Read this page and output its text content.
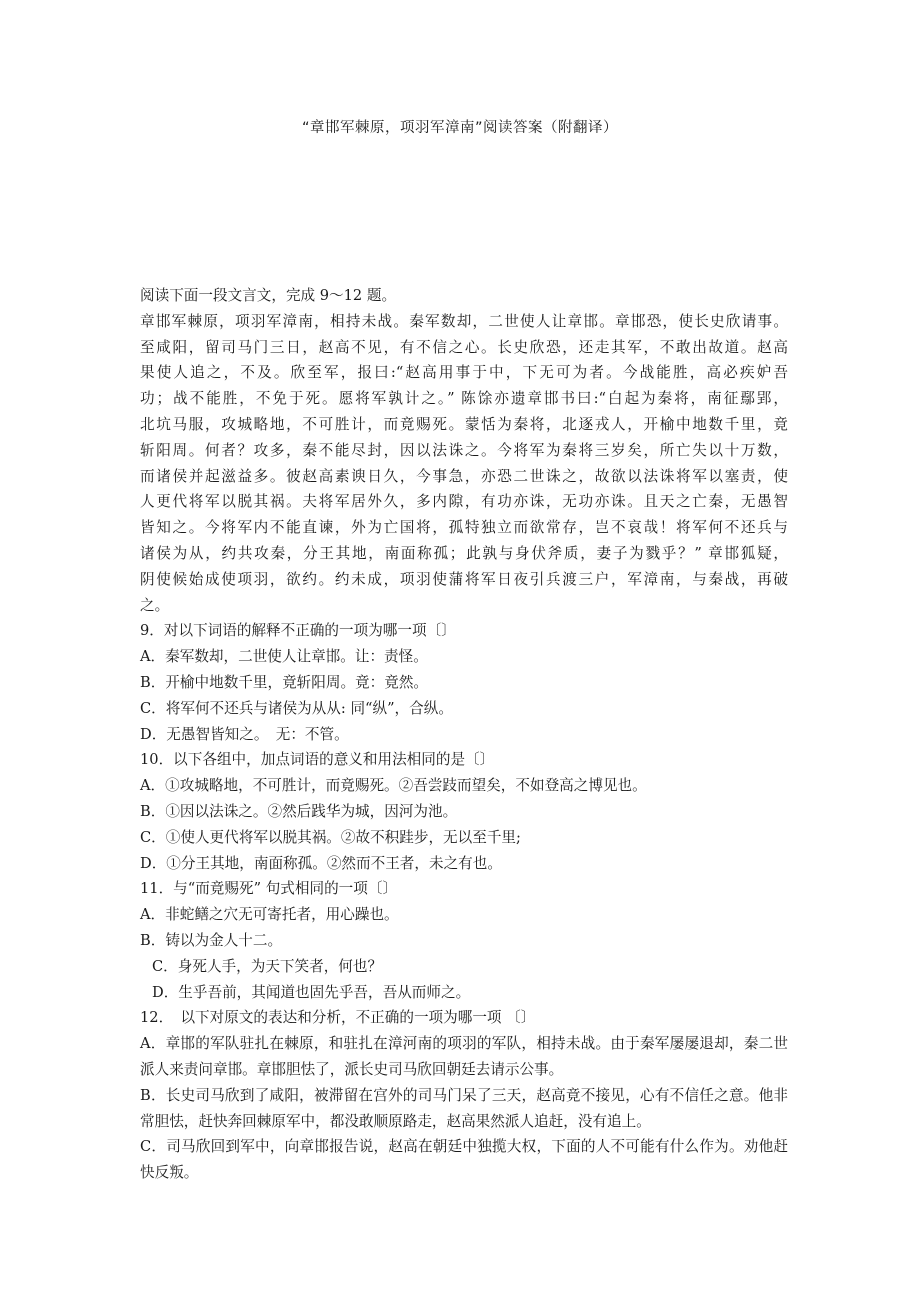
“章邯军棘原，项羽军漳南”阅读答案（附翻译）
阅读下面一段文言文，完成 9～12 题。
章邯军棘原，项羽军漳南，相持未战。秦军数却，二世使人让章邯。章邯恐，使长史欣请事。
至咸阳，留司马门三日，赵高不见，有不信之心。长史欣恐，还走其军，不敢出故道。赵高
果使人追之，不及。欣至军，报曰:“赵高用事于中，下无可为者。今战能胜，高必疾妒吾
功；战不能胜，不免于死。愿将军孰计之。” 陈馀亦遗章邯书曰:“白起为秦将，南征鄢郢，
北坑马服，攻城略地，不可胜计，而竟赐死。蒙恬为秦将，北逐戎人，开榆中地数千里，竟
斩阳周。何者？攻多，秦不能尽封，因以法诛之。今将军为秦将三岁矣，所亡失以十万数，
而诸侯并起滋益多。彼赵高素谀日久，今事急，亦恐二世诛之，故欲以法诛将军以塞责，使
人更代将军以脱其祸。夫将军居外久，多内隙，有功亦诛，无功亦诛。且天之亡秦，无愚智
皆知之。今将军内不能直谏，外为亡国将，孤特独立而欲常存，岂不哀哉！将军何不还兵与
诸侯为从，约共攻秦，分王其地，南面称孤；此孰与身伏斧质，妻子为戮乎？” 章邯狐疑，
阴使候始成使项羽，欲约。约未成，项羽使蒲将军日夜引兵渡三户，军漳南，与秦战，再破
之。
9．对以下词语的解释不正确的一项为哪一项〔〕
A．秦军数却，二世使人让章邯。让：责怪。
B．开榆中地数千里，竟斩阳周。竟：竟然。
C．将军何不还兵与诸侯为从从: 同“纵”，合纵。
D．无愚智皆知之。　无：不管。
10．以下各组中，加点词语的意义和用法相同的是〔〕
A．①攻城略地，不可胜计，而竟赐死。②吾尝跂而望矣，不如登高之博见也。
B．①因以法诛之。②然后践华为城，因河为池。
C．①使人更代将军以脱其祸。②故不积跬步，无以至千里;
D．①分王其地，南面称孤。②然而不王者，未之有也。
11．与“而竟赐死” 句式相同的一项〔〕
A．非蛇鳝之穴无可寄托者，用心躁也。
B．铸以为金人十二。
C．身死人手，为天下笑者，何也？
D．生乎吾前，其闻道也固先乎吾，吾从而师之。
12．　以下对原文的表达和分析，不正确的一项为哪一项 〔〕
A．章邯的军队驻扎在棘原，和驻扎在漳河南的项羽的军队，相持未战。由于秦军屡屡退却，秦二世派人来责问章邯。章邯胆怯了，派长史司马欣回朝廷去请示公事。
B．长史司马欣到了咸阳，被滞留在宫外的司马门呆了三天，赵高竟不接见，心有不信任之意。他非常胆怯，赶快奔回棘原军中，都没敢顺原路走，赵高果然派人追赶，没有追上。
C．司马欣回到军中，向章邯报告说，赵高在朝廷中独揽大权，下面的人不可能有什么作为。劝他赶快反叛。
